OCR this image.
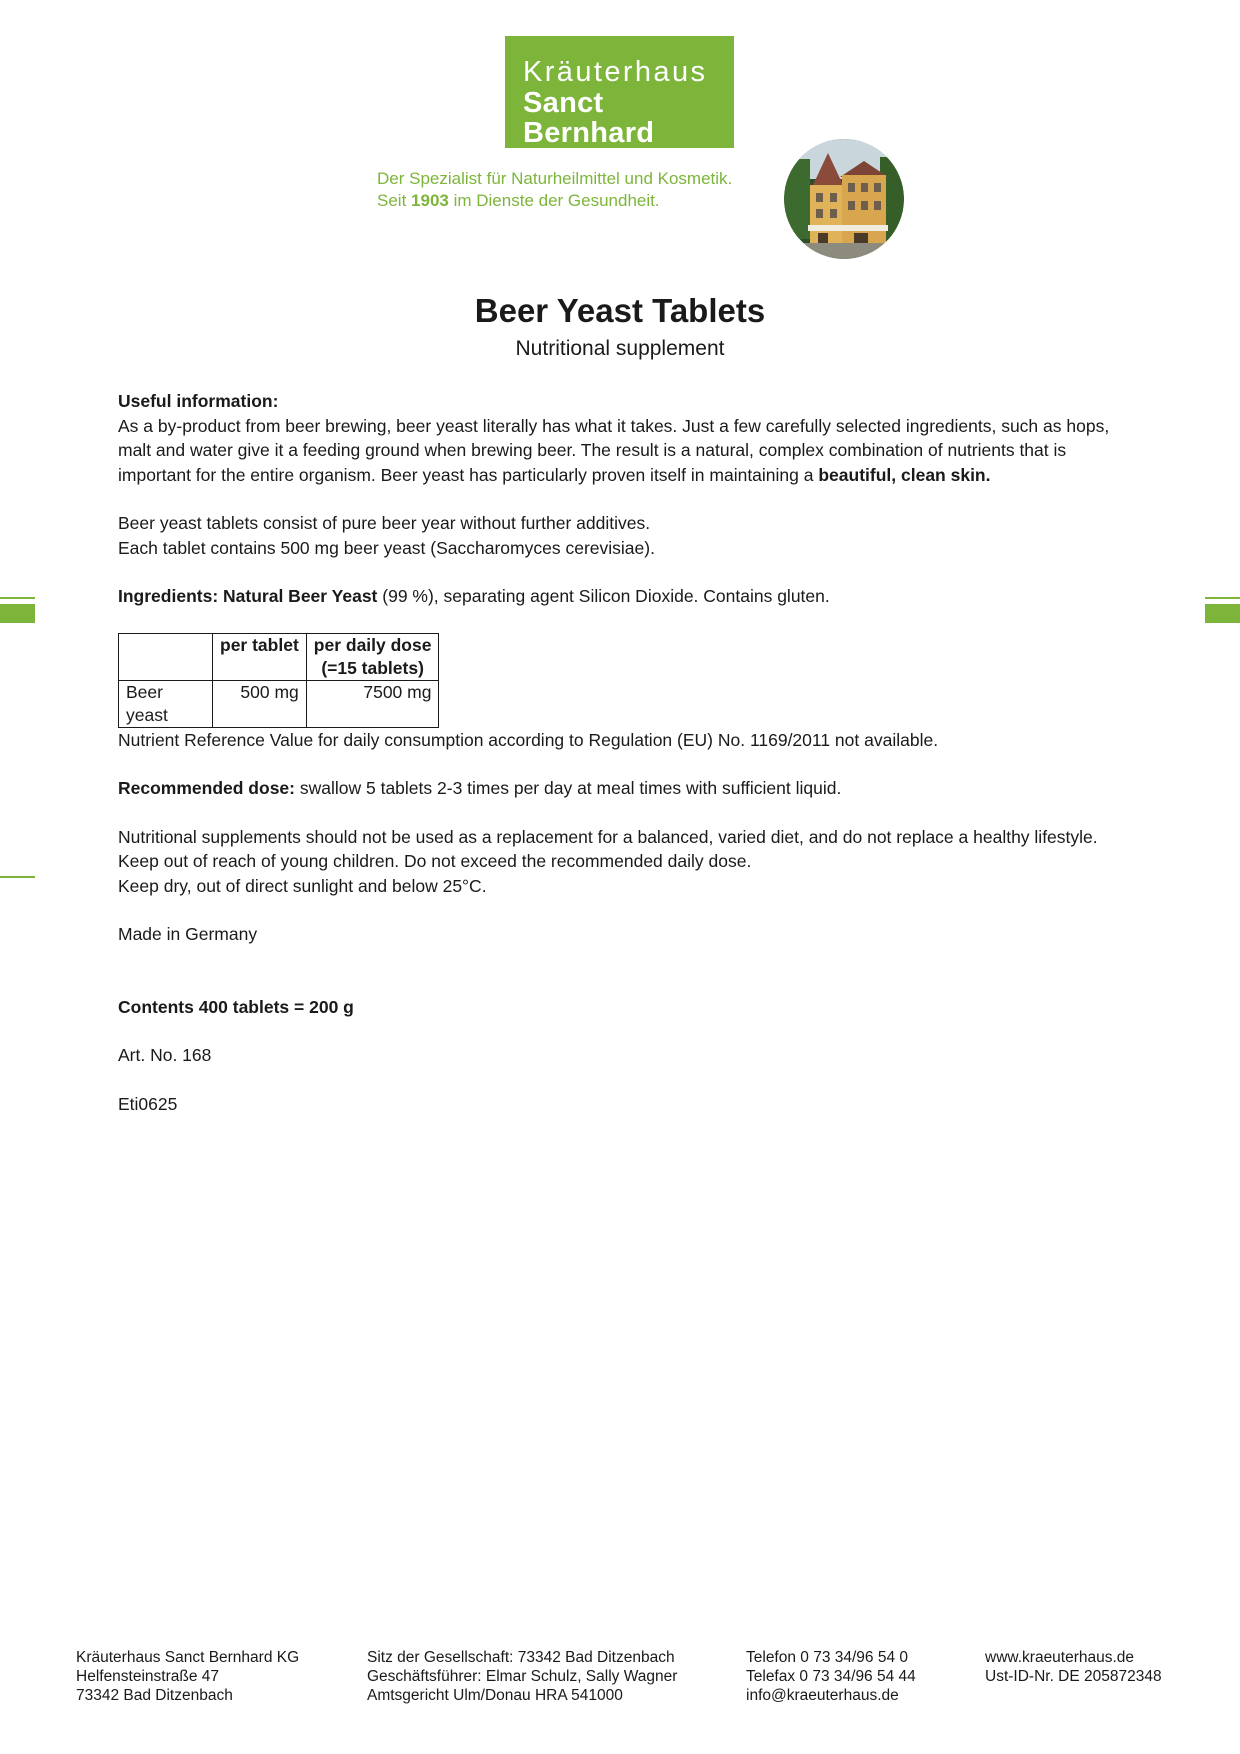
Kräuterhaus
Sanct Bernhard
Der Spezialist für Naturheilmittel und Kosmetik.
Seit 1903 im Dienste der Gesundheit.
Beer Yeast Tablets
Nutritional supplement

Useful information:
As a by-product from beer brewing, beer yeast literally has what it takes. Just a few carefully selected ingredients, such as hops, malt and water give it a feeding ground when brewing beer. The result is a natural, complex combination of nutrients that is important for the entire organism. Beer yeast has particularly proven itself in maintaining a beautiful, clean skin.

Beer yeast tablets consist of pure beer year without further additives.
Each tablet contains 500 mg beer yeast (Saccharomyces cerevisiae).

Ingredients: Natural Beer Yeast (99 %), separating agent Silicon Dioxide. Contains gluten.

	per tablet	per daily dose
(=15 tablets)

Beer yeast	500 mg	7500 mg

Nutrient Reference Value for daily consumption according to Regulation (EU) No. 1169/2011 not available.

Recommended dose: swallow 5 tablets 2-3 times per day at meal times with sufficient liquid.

Nutritional supplements should not be used as a replacement for a balanced, varied diet, and do not replace a healthy lifestyle. Keep out of reach of young children. Do not exceed the recommended daily dose.
Keep dry, out of direct sunlight and below 25°C.

Made in Germany

Contents 400 tablets = 200 g

Art. No. 168

Eti0625

Kräuterhaus Sanct Bernhard KG
Helfensteinstraße 47
73342 Bad Ditzenbach
Sitz der Gesellschaft: 73342 Bad Ditzenbach
Geschäftsführer: Elmar Schulz, Sally Wagner
Amtsgericht Ulm/Donau HRA 541000
Telefon 0 73 34/96 54 0
Telefax 0 73 34/96 54 44
info@kraeuterhaus.de
www.kraeuterhaus.de
Ust-ID-Nr. DE 205872348
